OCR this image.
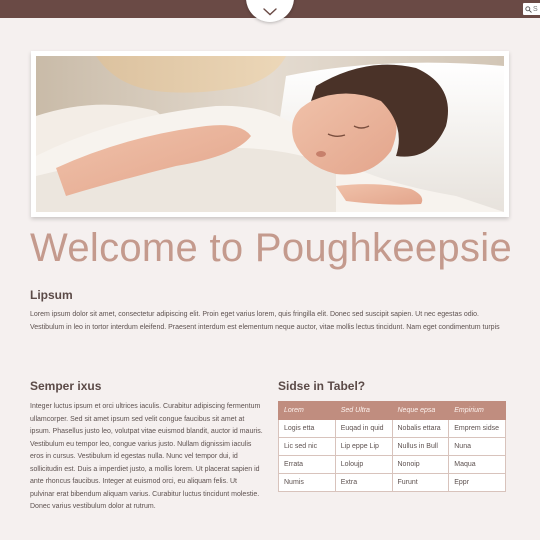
S
Welcome to Poughkeepsie
Lipsum

Lorem ipsum dolor sit amet, consectetur adipiscing elit. Proin eget varius lorem, quis fringilla elit. Donec sed suscipit sapien. Ut nec egestas odio. Vestibulum in leo in tortor interdum eleifend. Praesent interdum est elementum neque auctor, vitae mollis lectus tincidunt. Nam eget condimentum turpis

Semper ixus

Integer luctus ipsum et orci ultrices iaculis. Curabitur adipiscing fermentum ullamcorper. Sed sit amet ipsum sed velit congue faucibus sit amet at ipsum. Phasellus justo leo, volutpat vitae euismod blandit, auctor id mauris. Vestibulum eu tempor leo, congue varius justo. Nullam dignissim iaculis eros in cursus. Vestibulum id egestas nulla. Nunc vel tempor dui, id sollicitudin est. Duis a imperdiet justo, a mollis lorem. Ut placerat sapien id ante rhoncus faucibus. Integer at euismod orci, eu aliquam felis. Ut pulvinar erat bibendum aliquam varius. Curabitur luctus tincidunt molestie. Donec varius vestibulum dolor at rutrum.

Sidse in Tabel?
Lorem	Sed Ultra	Neque epsa	Empirium
Logis etta	Euqad in quid	Nobalis ettara	Emprem sidse
Lic sed nic	Lip eppe Lip	Nullus in Bull	Nuna
Errata	Loloujp	Nonoip	Maqua
Numis	Extra	Furunt	Eppr
